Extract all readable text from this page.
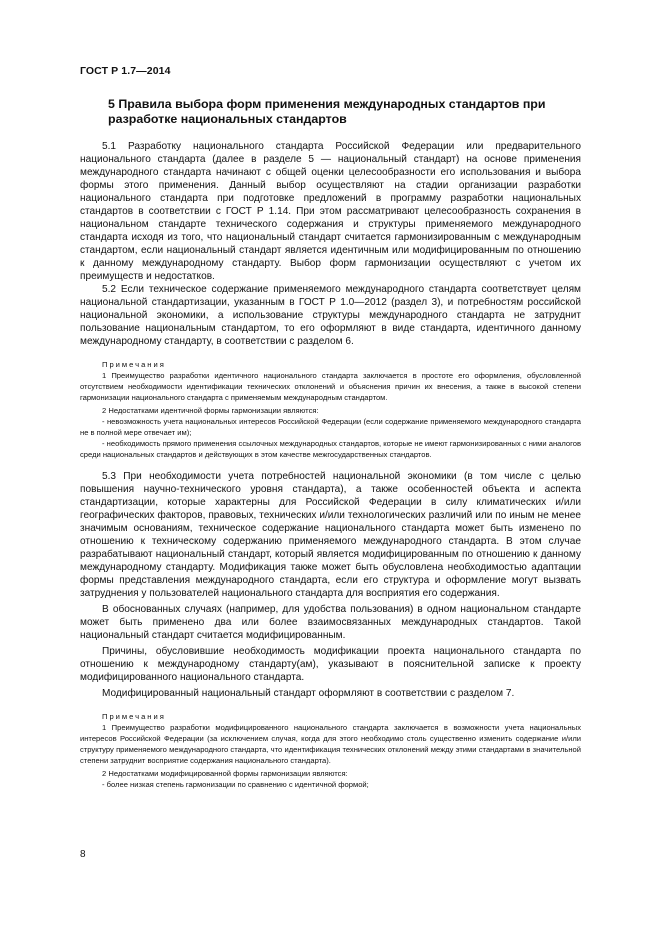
ГОСТ Р 1.7—2014
5 Правила выбора форм применения международных стандартов при разработке национальных стандартов

5.1 Разработку национального стандарта Российской Федерации или предварительного национального стандарта (далее в разделе 5 — национальный стандарт) на основе применения международного стандарта начинают с общей оценки целесообразности его использования и выбора формы этого применения. Данный выбор осуществляют на стадии организации разработки национального стандарта при подготовке предложений в программу разработки национальных стандартов в соответствии с ГОСТ Р 1.14. При этом рассматривают целесообразность сохранения в национальном стандарте технического содержания и структуры применяемого международного стандарта исходя из того, что национальный стандарт считается гармонизированным с международным стандартом, если национальный стандарт является идентичным или модифицированным по отношению к данному международному стандарту. Выбор форм гармонизации осуществляют с учетом их преимуществ и недостатков.

5.2 Если техническое содержание применяемого международного стандарта соответствует целям национальной стандартизации, указанным в ГОСТ Р 1.0—2012 (раздел 3), и потребностям российской национальной экономики, а использование структуры международного стандарта не затруднит пользование национальным стандартом, то его оформляют в виде стандарта, идентичного данному международному стандарту, в соответствии с разделом 6.

Примечания

1 Преимущество разработки идентичного национального стандарта заключается в простоте его оформления, обусловленной отсутствием необходимости идентификации технических отклонений и объяснения причин их внесения, а также в высокой степени гармонизации национального стандарта с применяемым международным стандартом.

2 Недостатками идентичной формы гармонизации являются:

- невозможность учета национальных интересов Российской Федерации (если содержание применяемого международного стандарта не в полной мере отвечает им);

- необходимость прямого применения ссылочных международных стандартов, которые не имеют гармонизированных с ними аналогов среди национальных стандартов и действующих в этом качестве межгосударственных стандартов.

5.3 При необходимости учета потребностей национальной экономики (в том числе с целью повышения научно-технического уровня стандарта), а также особенностей объекта и аспекта стандартизации, которые характерны для Российской Федерации в силу климатических и/или географических факторов, правовых, технических и/или технологических различий или по иным не менее значимым основаниям, техническое содержание национального стандарта может быть изменено по отношению к техническому содержанию применяемого международного стандарта. В этом случае разрабатывают национальный стандарт, который является модифицированным по отношению к данному международному стандарту. Модификация также может быть обусловлена необходимостью адаптации формы представления международного стандарта, если его структура и оформление могут вызвать затруднения у пользователей национального стандарта для восприятия его содержания.

В обоснованных случаях (например, для удобства пользования) в одном национальном стандарте может быть применено два или более взаимосвязанных международных стандартов. Такой национальный стандарт считается модифицированным.

Причины, обусловившие необходимость модификации проекта национального стандарта по отношению к международному стандарту(ам), указывают в пояснительной записке к проекту модифицированного национального стандарта.

Модифицированный национальный стандарт оформляют в соответствии с разделом 7.

Примечания

1 Преимущество разработки модифицированного национального стандарта заключается в возможности учета национальных интересов Российской Федерации (за исключением случая, когда для этого необходимо столь существенно изменить содержание и/или структуру применяемого международного стандарта, что идентификация технических отклонений между этими стандартами в значительной степени затруднит восприятие содержания национального стандарта).

2 Недостатками модифицированной формы гармонизации являются:

- более низкая степень гармонизации по сравнению с идентичной формой;

8
